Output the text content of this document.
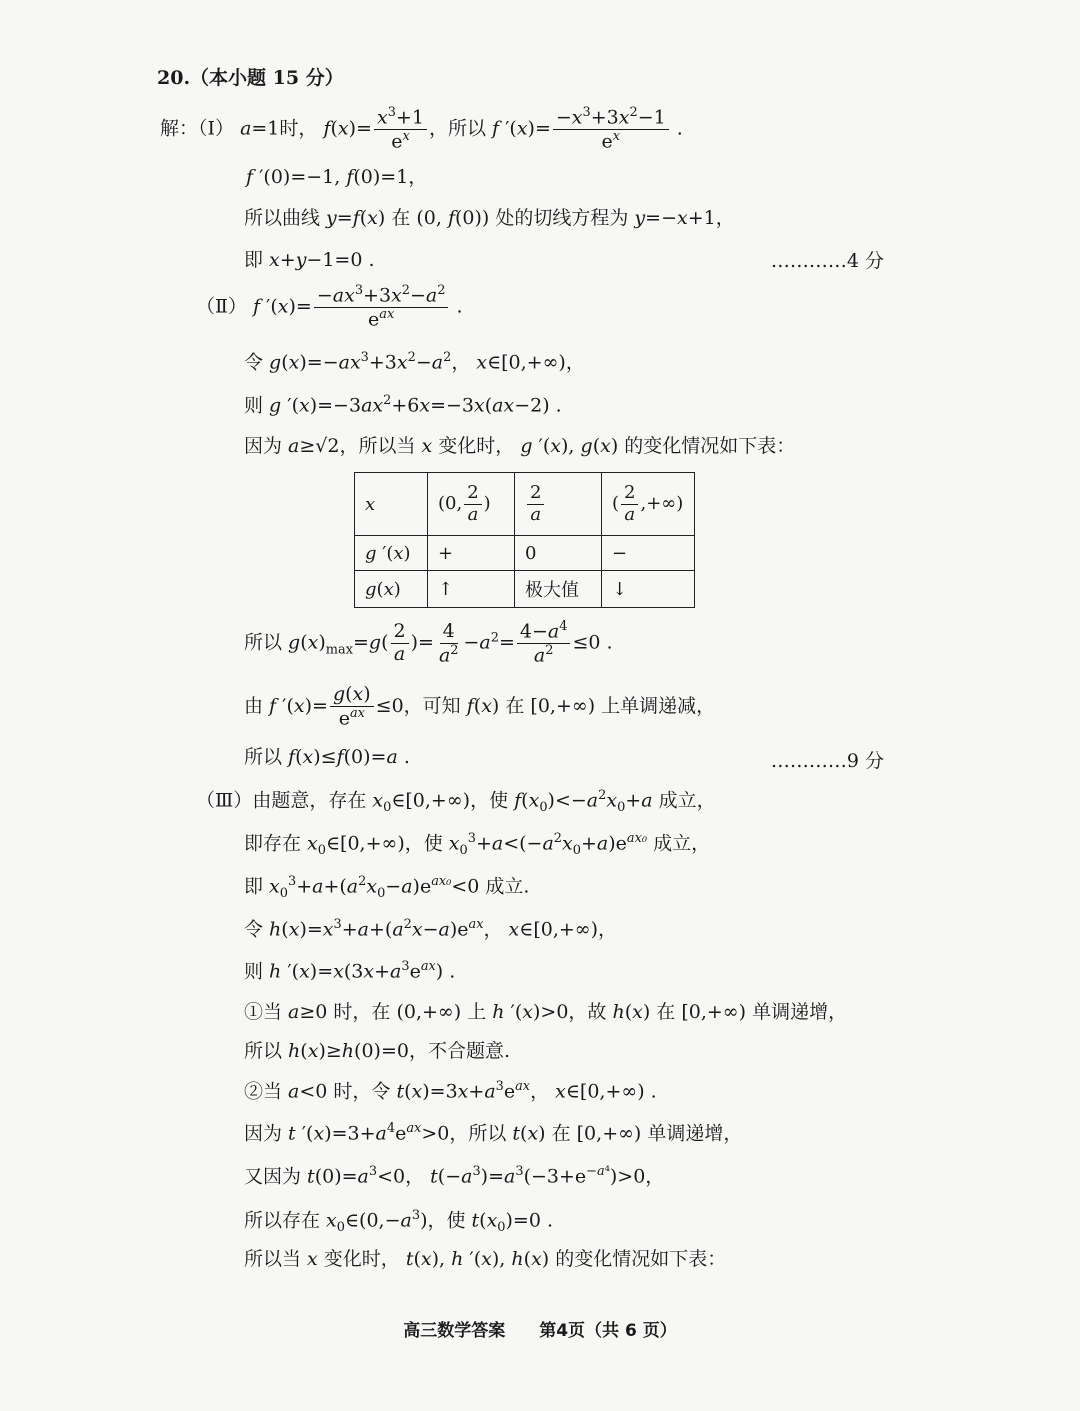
20.（本小题 15 分）
解：（Ⅰ） a=1时， $f(x)= \frac{x^3+1}{e^x}$ ，所以 f $'(x)= \frac{-x^3+3x^2-1}{e^x}$ .
f ′(0)=−1, f(0)=1，
所以曲线 y=f(x) 在 (0, f(0)) 处的切线方程为 y=−x+1，
即 x+y−1=0 .	…………4 分
（Ⅱ） f $'(x)= \frac{-ax^3+3x^2-a^2}{e^{ax}}$ .
令 $g(x)=-ax^3+3x^2-a^2$， x∈[0,+∞)，
则 g $'(x)=-3ax^2+6x=-3x(ax-2)$ .
因为 a≥√2，所以当 x 变化时， g ′(x), g(x) 的变化情况如下表：
x	(0, $\frac{2}{a}$ )	$\frac{2}{a}$	( $\frac{2}{a}$ ,+∞)
g ′(x)	+	0	−
g(x)	↑	极大值	↓
所以 $g(x)_{max}=g( \frac{2}{a}$ )= $\frac{4}{a^2} -a^2= \frac{4-a^4}{a^2} \le 0$ .
由 f $'(x)= \frac{g(x)}{e^{ax}} \le 0$，可知 f(x) 在 [0,+∞) 上单调递减，
所以 f(x)≤f(0)=a .	…………9 分
（Ⅲ）由题意，存在 $x_0\in[0,+\infty)$，使 $f(x_0)<-a^2x_0+a$ 成立，
即存在 $x_0\in[0,+\infty)$，使 $x_0^3+a<(-a^2x_0+a)e^{ax_0}$ 成立，
即 $x_0^3+a+(a^2x_0-a)e^{ax_0}<0$ 成立.
令 $h(x)=x^3+a+(a^2x-a)e^{ax}$， x∈[0,+∞)，
则 h $'(x)=x(3x+a^3e^{ax})$ .
①当 a≥0 时，在 (0,+∞) 上 h ′(x)>0，故 h(x) 在 [0,+∞) 单调递增，
所以 h(x)≥h(0)=0，不合题意.
②当 a<0 时，令 $t(x)=3x+a^3e^{ax}$， x∈[0,+∞) .
因为 t $'(x)=3+a^4e^{ax}>0$，所以 t(x) 在 [0,+∞) 单调递增，
又因为 $t(0)=a^3<0$， $t(-a^3)=a^3(-3+e^{-a^4})>0$，
所以存在 $x_0\in(0,-a^3)$，使 $t(x_0)=0$ .
所以当 x 变化时， t(x), h ′(x), h(x) 的变化情况如下表：
高三数学答案 第4页（共 6 页）
